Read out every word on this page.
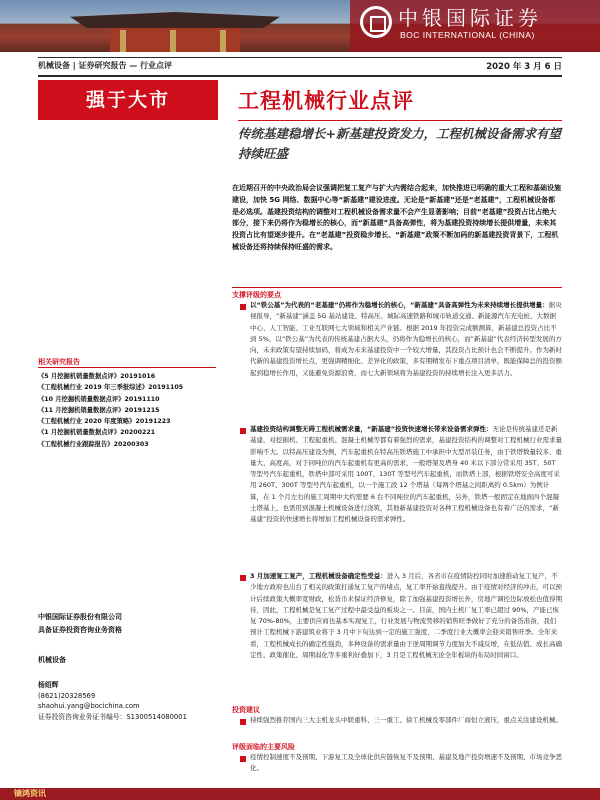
中银国际证券
BOC INTERNATIONAL (CHINA)
机械设备 | 证券研究报告 — 行业点评	2020 年 3 月 6 日
强于大市	工程机械行业点评
传统基建稳增长+新基建投资发力，工程机械设备需求有望持续旺盛
在近期召开的中央政治局会议强调把复工复产与扩大内需结合起来，加快推进已明确的重大工程和基础设施建设，加快 5G 网络、数据中心等“新基建”建设进度。无论是“新基建”还是“老基建”，工程机械设备都是必选项。基建投资结构的调整对工程机械设备需求量不会产生显著影响；目前“老基建”投资占比占绝大部分，接下来仍将作为稳增长的核心，而“新基建”具备高弹性，将为基建投资持续增长提供增量，未来其投资占比有望逐步提升。在“老基建”投资稳步增长、“新基建”政策不断加码的新基建投资背景下，工程机械设备还将持续保持旺盛的需求。
支撑评级的要点
以“铁公基”为代表的“老基建”仍将作为稳增长的核心，“新基建”具备高弹性为未来持续增长提供增量：据央视报导，“新基建”涵盖 5G 基站建设、特高压、城际高速铁路和城市轨道交通、新能源汽车充电桩、大数据中心、人工智能、工业互联网七大领域和相关产业链。根据 2019 年投资完成额测算，新基建总投资占比不到 5%，以“铁公基”为代表的传统基建占据大头，仍将作为稳增长的核心，而“新基建”代表经济转型发展的方向，未来政策有望持续加码，将成为未来基建投资中一个较大增量，其投资占比预计也会不断提升。作为新时代新的基建投资增长点，更强调精细化、差异化的政策，多有期精发布下重点项目清单，既能保障总的投资额起到稳增长作用，又能避免资源浪费，而七大新领域将为基建投资的持续增长注入更多活力。
基建投资结构调整无碍工程机械需求量，“新基建”投资快速增长带来设备需求弹性：无论是传统基建还是新基建，对挖掘机、工程起重机、混凝土机械等都有着强烈的需求，基建投资结构的调整对工程机械行业需求量影响不大。以特高压建设为例，汽车起重机在特高压铁塔施工中承担中大型吊装任务，由于铁塔数量较多、重量大、高度高，对于同吨位的汽车起重机有更高的需求，一般塔架及塔身 40 米以下部分常采用 35T、50T 等型号汽车起重机，铁塔中部可采用 100T、130T 等型号汽车起重机，而铁塔上部，根据铁塔安全高度可采用 260T、300T 等型号汽车起重机，以一个施工段 12 个塔基（每两个塔基之间距离约 0.5km）为例计算，在 1 个月左右的施工周期中大约需要 6 台不同吨位的汽车起重机，另外，铁塔一般固定在地面四个混凝土塔基上，也需用到混凝土机械设备进行浇筑，其他新基建投资对各种工程机械设备也有着广泛的需求，“新基建”投资的快速增长将增加工程机械设备的需求弹性。
3 月加速复工复产，工程机械设备确定性受益：进入 3 月后，各省市在疫情防控同时加速推动复工复产，不少地方政府也出台了相关的政策打通复工复产的堵点，复工率开始直线提升。由于疫情对经济的冲击，可以预计后续政策大概率宽财政，松货币来保证经济修复，除了加强基建投资增长外，房地产调控边际放松也值得期待，因此，工程机械是复工复产过程中最受益的板块之一。目前，国内土机厂复工率已超过 90%，产能已恢复 70%-80%，主要供应商也基本实现复工，行业发展与物流势移的销售旺季做好了充分的备货准备，我们预计工程机械下游建筑业将于 3 月中下旬达到一定的施工强度，二季度行业大概率会迎来销售旺季。全年来看，工程机械成长的确定性强劲，多种设备的需求量由于逆周期调节力度加大不减反增，在低估值、成长高确定性、政策催化、周期弱化等多重利好叠加下，3 月是工程机械无论全年板块的布局时间窗口。
投资建议
持续强烈推荐国内三大主机龙头中联重科、三一重工、徐工机械及零部件厂商恒立液压，重点关注建设机械。
评级面临的主要风险
疫情控制速度不及预期、下游复工及全球化供应链恢复不及预期、基建及地产投资增速不及预期、市场竞争恶化。
相关研究报告
《5 月挖掘机销量数据点评》20191016
《工程机械行业 2019 年三季报综述》20191105
《10 月挖掘机销量数据点评》20191110
《11 月挖掘机销量数据点评》20191215
《工程机械行业 2020 年度策略》20191223
《1 月挖掘机销量数据点评》20200221
《工程机械行业跟踪报告》20200303
中银国际证券股份有限公司
具备证券投资咨询业务资格
机械设备
杨绍辉
(8621)20328569
shaohui.yang@bocichina.com
证券投资咨询业务证书编号：S1300514080001
镝鸿资讯
